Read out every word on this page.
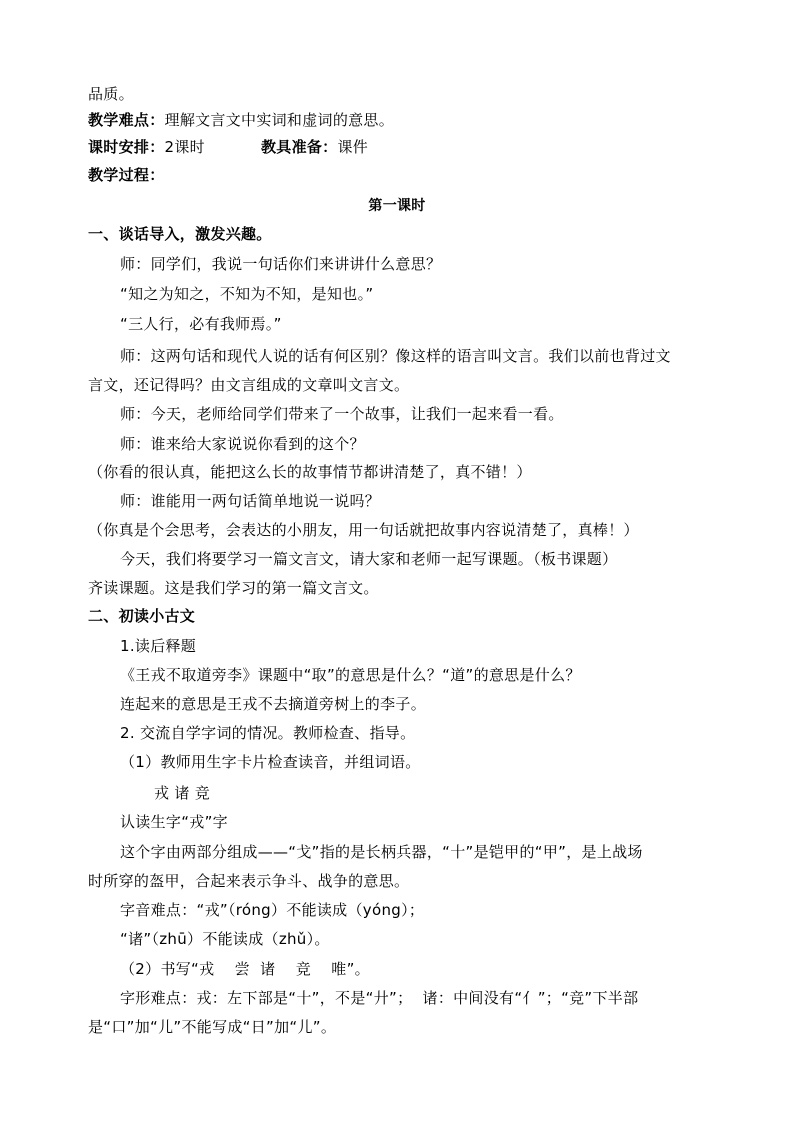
品质。
教学难点：理解文言文中实词和虚词的意思。
课时安排：2课时	教具准备：课件
教学过程：
第一课时
一、谈话导入，激发兴趣。
师：同学们，我说一句话你们来讲讲什么意思？
“知之为知之，不知为不知，是知也。”
“三人行，必有我师焉。”
师：这两句话和现代人说的话有何区别？像这样的语言叫文言。我们以前也背过文
言文，还记得吗？由文言组成的文章叫文言文。
师：今天，老师给同学们带来了一个故事，让我们一起来看一看。
师：谁来给大家说说你看到的这个？
（你看的很认真，能把这么长的故事情节都讲清楚了，真不错！）
师：谁能用一两句话简单地说一说吗？
（你真是个会思考，会表达的小朋友，用一句话就把故事内容说清楚了，真棒！）
今天，我们将要学习一篇文言文，请大家和老师一起写课题。（板书课题）
齐读课题。这是我们学习的第一篇文言文。
二、初读小古文
1.读后释题
《王戎不取道旁李》课题中“取”的意思是什么？“道”的意思是什么？
连起来的意思是王戎不去摘道旁树上的李子。
2. 交流自学字词的情况。教师检查、指导。
（1）教师用生字卡片检查读音，并组词语。
戎 诸 竞
认读生字“戎”字
这个字由两部分组成——“戈”指的是长柄兵器，“十”是铠甲的“甲”，是上战场
时所穿的盔甲，合起来表示争斗、战争的意思。
字音难点：“戎”（róng）不能读成（yóng）；
“诸”（zhū）不能读成（zhǔ）。
（2）书写“戎    尝  诸    竞    唯”。
字形难点：戎：左下部是“十”，不是“廾”；  诸：中间没有“亻”；“竞”下半部
是“口”加“儿”不能写成“日”加“儿”。
